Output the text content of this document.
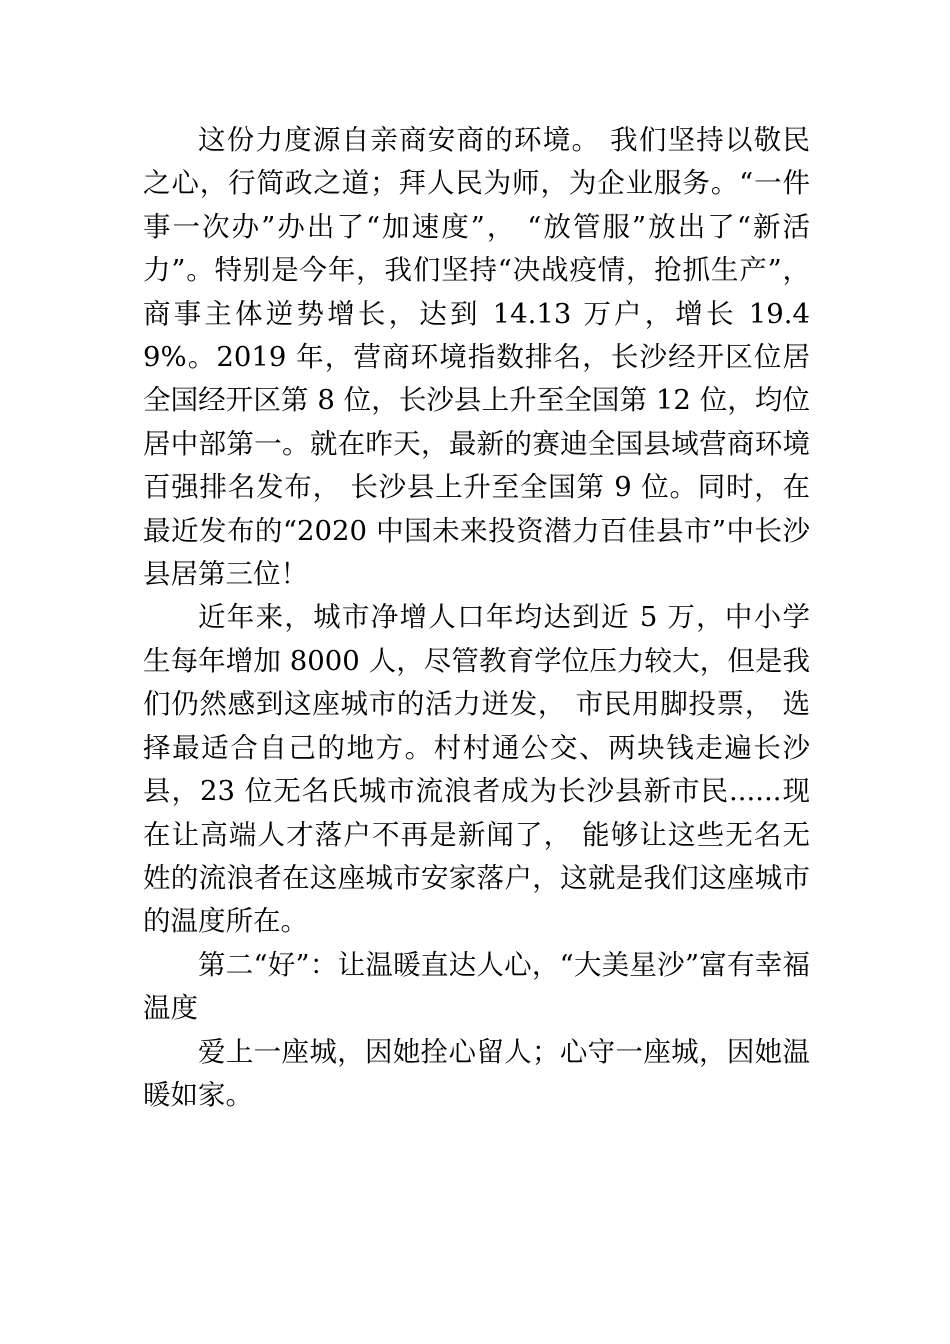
这份力度源自亲商安商的环境。 我们坚持以敬民之心，行简政之道；拜人民为师，为企业服务。“一件事一次办”办出了“加速度”， “放管服”放出了“新活力”。特别是今年，我们坚持“决战疫情，抢抓生产”，商事主体逆势增长，达到 14.13 万户，增长 19.49%。2019 年，营商环境指数排名，长沙经开区位居全国经开区第 8 位，长沙县上升至全国第 12 位，均位居中部第一。就在昨天，最新的赛迪全国县域营商环境百强排名发布， 长沙县上升至全国第 9 位。同时，在最近发布的“2020 中国未来投资潜力百佳县市”中长沙县居第三位！

近年来，城市净增人口年均达到近 5 万，中小学生每年增加 8000 人，尽管教育学位压力较大，但是我们仍然感到这座城市的活力迸发， 市民用脚投票， 选择最适合自己的地方。村村通公交、两块钱走遍长沙县，23 位无名氏城市流浪者成为长沙县新市民......现在让高端人才落户不再是新闻了， 能够让这些无名无姓的流浪者在这座城市安家落户，这就是我们这座城市的温度所在。

第二“好”：让温暖直达人心，“大美星沙”富有幸福温度

爱上一座城，因她拴心留人；心守一座城，因她温暖如家。
